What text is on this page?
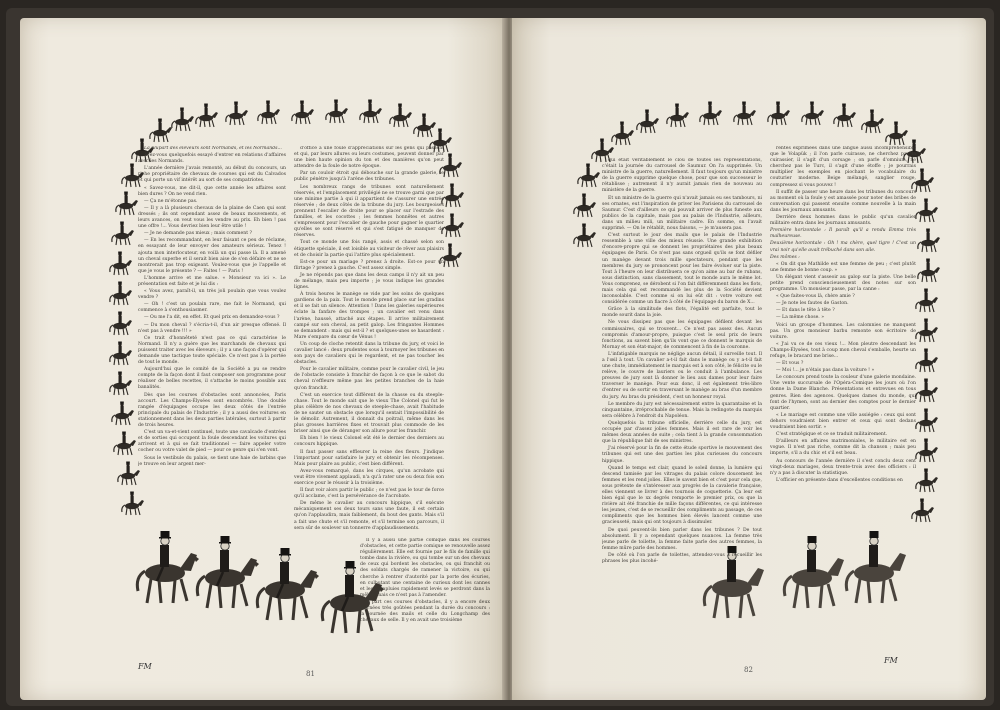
La plupart des éleveurs sont Normands, et les Normands...

Avez-vous quelquefois essayé d'entrer en relations d'affaires avec les Normands.

L'année dernière j'avais remonté, au début du concours, un riche propriétaire de chevaux de courses qui est du Calvados et qui porte un vif intérêt au sort de ses compatriotes.

« Savez-vous, me dit-il, que cette année les affaires sont bien dures ? On ne vend rien.

— Ça ne m'étonne pas.

— Il y a là plusieurs chevaux de la plaine de Caen qui sont dressés ; ils ont cependant assez de beaux mouvements, et leurs avances, on veut vous les vendre au prix. Eh bien ! pas une offre !... Vous devriez bien leur être utile !

— Je ne demande pas mieux ; mais comment ?

— En les recommandant, en leur faisant ce peu de réclame, en essayant de leur envoyer des amateurs sérieux. Tenez ! ajouta mon interlocuteur, en voilà un qui passe là. Il a amené un cheval superbe et il serait bien aise de s'en défaire et ne se montrerait pas trop exigeant. Voulez-vous que je l'appelle et que je vous le présente ? — Faites ! — Paris !

L'homme arrive et me salue. « Monsieur va ici ». Le présentation est faite et je lui dis :

« Vous avez, paraît-il, un très joli poulain que vous voulez vendre ?

— Oh ! c'est un poulain rare, me fait le Normand, qui commence à s'enthousiasmer.

— Ou me l'a dit, en effet. Et quel prix en demandez-vous ?

— Du mon cheval ? s'écria-t-il, d'un air presque offensé. Il n'est pas à vendre !!! »

Ce trait d'honnêteté n'est pas ce qui caractérise le Normand. Il n'y a guère que les marchands de chevaux qui puissent traiter avec les éleveurs ; il y a une façon d'opérer qui demande une tactique toute spéciale. Ce n'est pas à la portée de tout le monde.

Aujourd'hui que le comité de la Société a pu se rendre compte de la façon dont il faut composer son programme pour réaliser de belles recettes, il s'attache le moins possible aux banalités.

Dès que les courses d'obstacles sont annoncées, Paris accourt. Les Champs-Élysées sont encombrés. Une double rangée d'équipages occupe les deux côtés de l'entrée principale du palais de l'Industrie ; il y a aussi des voitures en stationnement dans les deux parties latérales, surtout à partir de trois heures.

C'est un va-et-vient continuel, toute une cavalcade d'entrées et de sorties qui occupent la foule descendant les voitures qui arrivent et à qui se fait traditionnel — faire appeler votre cocher ou votre valet de pied — pour ce genre qui s'en vont.

Sous le vestibule du palais, se tient une haie de larbins que je trouve en leur argent mer-

d'office à une foule d'appréciations sur les gens qui passent et qui, par leurs allures ou leurs costumes, peuvent donner par une bien haute opinion du ton et des manières qu'on peut attendre de la foule de notre époque.

Par un couloir étroit qui débouche sur la grande galerie, le public pénètre jusqu'à l'arène des tribunes.

Les nombreux rangs de tribunes sont naturellement réservés, et l'emplacement privilégié ne se trouve garni que par une minime partie à qui il appartient de s'assurer une entrée réservée ; de deux côtés de la tribune du jury. Les bourgeoises prennent l'escalier de droite pour se placer sur l'estrade des familles, et les cocottes ; les femmes honnêtes et autres s'empressent pour l'escalier de gauche pour gagner le quartier qu'elles se sont réservé et qui s'est fatigué de manquer de réserves.

Tout ce monde une fois rangé, assis et chassé selon son étiquette spéciale, il est loisible au visiteur de rêver aux plaisirs et de choisir la partie qui l'attire plus spécialement.

Est-ce pour un mariage ? prenez à droite. Est-ce pour un flirtage ? prenez à gauche. C'est assez simple.

Je ne réponds pas que dans les deux camps il n'y ait un peu de mélange, mais peu importe ; je vous indique les grandes lignes.

À trois heures le manège se vide par les soins de quelques gardiens de la paix. Tout le monde prend place sur les gradins et il se fait un silence. Attention ! Dans les galeries supérieures éclate la fanfare des trompes ; un cavalier est venu dans l'arène, haussé, attaché aux étapes. Il arrive militairement campé sur son cheval, au petit galop. Les fringantes Hommes se demandent : mais qui est-il ? et quelques-unes se hasardent : Mare s'empare du cœur de Vénus !

Un coup de cloche retentit dans la tribune du jury, et voici le cavalier lancé : deux prudentes sous à tournoyer les tribunes en son pays de cavaliers qui le regardent, et ne pas toucher les obstacles.

Pour le cavalier militaire, comme pour le cavalier civil, le jeu de l'obstacle consiste à franchir de façon à ce que le sabot du cheval n'effleure même pas les petites branches de la haie qu'on franchit.

C'est un exercice tout différent de la chasse ou du steeple-chase. Tout le monde sait que le vieux The Colonel qui fut le plus célèbre de nos chevaux de steeple-chase, avait l'habitude de ne sauter un obstacle que lorsqu'il sentait l'impossibilité de le démolir. Autrement, il donnait du poitrail, même dans les plus grosses barrières fixes et trouvait plus commode de les briser ainsi que de déranger son allure pour les franchir.

Eh bien ! le vieux Colonel eût été le dernier des derniers au concours hippique.

Il faut passer sans effleurer la reine des fleurs. J'indique l'important pour satisfaire le jury et obtenir les récompenses. Mais pour plaire au public, c'est bien différent.

Avez-vous remarqué, dans les cirques, qu'un acrobate qui veut être vivement applaudi, n'a qu'à rater une ou deux fois son exercice pour le réussir à la troisième.

Il faut voir alors partir le public ; ce n'est pas le tour de force qu'il acclame, c'est la persévérance de l'acrobate.

De même le cavalier au concours hippique, s'il exécute mécaniquement ses deux tours sans une faute, il est certain qu'on l'applaudira, mais faiblement, du bout des gants. Mais s'il a fait une chute et s'il remonte, et s'il termine son parcours, il sera sûr de soulever un tonnerre d'applaudissements.

Il y a aussi une partie comique dans les courses d'obstacles, et cette partie comique se renouvelle assez régulièrement. Elle est fournie par le fils de famille qui tombe dans la rivière, ou qui tombe sur un des chevaux de ceux qui bordent les obstacles, ou qui franchit ou des soldats chargés de ramener la victoire, ou qui cherche à rentrer d'autorité par la porte des écuries, en culbutant une centaine de curieux dont les cannes et les parapluies rapidement levés se perdront dans la mêlée, mais ce n'est pas à l'amender.

À part ces courses d'obstacles, il y a encore deux journées très goûtées pendant la durée du concours : la journée des mails et celle du Longchamp des chevaux de selle. Il y en avait une troisième

FM
81

qui était véritablement le clou de toutes les représentations, c'était la journée du carrousel de Saumur. On l'a supprimée. Un ministre de la guerre, naturellement. Il faut toujours qu'un ministre de la guerre supprime quelque chose, pour que son successeur le rétablisse ; autrement il n'y aurait jamais rien de nouveau au ministère de la guerre.

Et un ministre de la guerre qui n'avait jamais eu ses tambours, ni ses ornates, eut l'inspiration de priver les Parisiens du carrousel de Saumur. C'est d'ailleurs ce qui pouvait arriver de plus funeste aux publics de la capitale, mais pas au palais de l'Industrie, ailleurs, dans un milieu mili, un militaire cadre. En somme, on l'avait supprimé. — On le rétablit, nous faisons, — je m'ausera pas.

C'est surtout le jour des mails que le palais de l'Industrie ressemble à une ville des mieux réussie. Une grande exhibition d'encore-propre qui se donnent les propriétaires des plus beaux équipages de Paris. Ce n'est pas sans orgueil qu'ils se font défiler un manège devant trois mille spectateurs, pendant que les membres du jury se prononcent pour les faire évoluer sur la piste. Tout à l'heure on leur distribuera ce qu'on aime au bar de rubans, sous distinction, sans classement, tout le monde aura le même lot. Vous comprenez, se dérobent si l'on fait différemment dans les flots, mais cela qui est recommandé les plus de la Société devient inconsolable. C'est comme si on lui eût dit : votre voiture est considérée comme un fiacre à côté de l'équipage du baron de X...

Grâce à la similitude des flots, l'égalité est parfaite, tout le monde sourit dans la joie.

Ne vous dissipez pas que les équipages défilent devant les commissaires, qui se trouvent... Ce n'est pas assez des. Aucun compromis d'amour-propre, puisque c'est le seul prix de leurs fonctions, au savent bien qu'ils vont que ce donnent le marquis de Mornay et son état-major, de commencent à fin de la couronne.

L'infatigable marquis ne néglige aucun détail, il surveille tout. Il a l'œil à tout. Un cavalier a-t-il fait dans le manège ou y a-t-il fait une chute, immédiatement le marquis est à son côté, le félicite ou le relève, le couvre de lauriers ou le conduit à l'ambulance. Les preuves de jury sont là donner le lieu aux dames pour leur faire traverser le manège. Pour eux donc, il est également très-libre d'entrer ou de sortir en traversant le manège au bras d'un membre du jury. Au bras du président, c'est un honneur royal.

Le membre du jury est nécessairement entre la quarantaine et la cinquantaine, irréprochable de tenue. Mais la redingote du marquis sera célèbre à l'endroit du Napoléon.

Quelquefois la tribune officielle, derrière celle du jury, est occupée par d'assez jolies femmes. Mais il est rare de voir les mêmes deux années de suite ; cela tient à la grande consommation que la république fait de ses ministres.

J'ai réservé pour la fin de cette étude sportive le mouvement des tribunes qui est une des parties les plus curieuses du concours hippique.

Quand le temps est clair, quand le soleil donne, la lumière qui descend tamisée par les vitrages du palais colore doucement les femmes et les rend jolies. Elles le savent bien et c'est pour cela que, sous prétexte de s'intéresser aux progrès de la cavalerie française, elles viennent se livrer à des tournois de coquetterie. Ça leur est bien égal que le xx degrés remporte le premier prix, ou que la rivière ait été franchie de mille façons différentes, ce qui intéresse les jeunes, c'est de se recueillir des compliments au passage, de ces compliments que les hommes bien élevés lancent comme une gracieuseté, mais qui ont toujours à dissimuler.

De quoi peuvent-ils bien parler dans les tribunes ? De tout absolument. Il y a cependant quelques nuances. La femme très jeune parle de toilette, la femme faite parle des autres femmes, la femme mûre parle des hommes.

De côté où l'on parle de toilettes, attendez-vous à recueillir les phrases les plus incohé-

rentes exprimées dans une langue aussi incompréhensible que le Volapük ; il l'on parle cuirasse, ne cherchez pas la cuirassier, il s'agit d'un corsage ; on parle d'omnium, ne cherchez pas le Turc, il s'agit d'une étoffe ; je pourrais multiplier les exemples en piochant le vocabulaire du couturier moderne. Beige mélangé, sanglier rouge, compressez si vous pouvez !

Il suffit de passer une heure dans les tribunes du concours au moment où la foule y est amassée pour noter des bribes de conversation qui passent ensuite comme nouvelle à la main dans les journaux amusants.

Derrière deux hommes dans le public qu'un cavalier militaire entra dans les journaux amusants.

Première horizontale : Il paraît qu'il a rendu Emma très malheureuse.

Deuxième horizontale : Oh ! ma chère, quel tigre ! C'est un vrai noir qu'elle avait trébuché dans son aile.

Des mômes :

« On dit que Mathilde est une femme de peu ; c'est plutôt une femme de bonne coup. »

Un élégant vient s'asseoir au galop sur la piste. Une belle petite prend consciencieusement des notes sur son programme. Un monsieur passe, par la canne :

« Que faites-vous là, chère amie ?

— Je note les fautes de Gaston.

— Et dans le tête à tête ?

— La même chose. »

Voici un groupe d'hommes. Les calomnies ne manquent pas. Un gros monsieur barbu remonte son écritoire de voiture.

« J'ai vu ce de ces vieux !... Mon pleutre descendant les Champs-Élysées, tout à coup mon cheval s'emballe, heurte un refuge, le bracard me brise...

— Et vous ?

— Moi !... je n'étais pas dans la voiture ! »

Le concours prend toute la couleur d'une galerie mondaine. Une vente succursale de l'Opéra-Comique les jours où l'on donne la Dame Blanche. Présentations et entrevues en tous genres. Rien des agences. Quelques dames du monde, qui font de l'hymen, sont au dernier des comptes pour le dernier quartier.

« Le mariage est comme une ville assiégée : ceux qui sont dehors voudraient bien entrer et ceux qui sont dedans voudraient bien sortir. »

C'est stratégique et ce se traduit militairement.

D'ailleurs en affaires matrimoniales, le militaire est en vogue. Il n'est pas riche, comme dit la chanson ; mais peu importe, s'il a du chic et s'il est beau.

Au concours de l'année dernière il s'est conclu deux cent vingt-deux mariages, deux trente-trois avec des officiers : il n'y a pas à discuter la statistique.

L'officier en présente dans d'excellentes conditions en

FM
82
